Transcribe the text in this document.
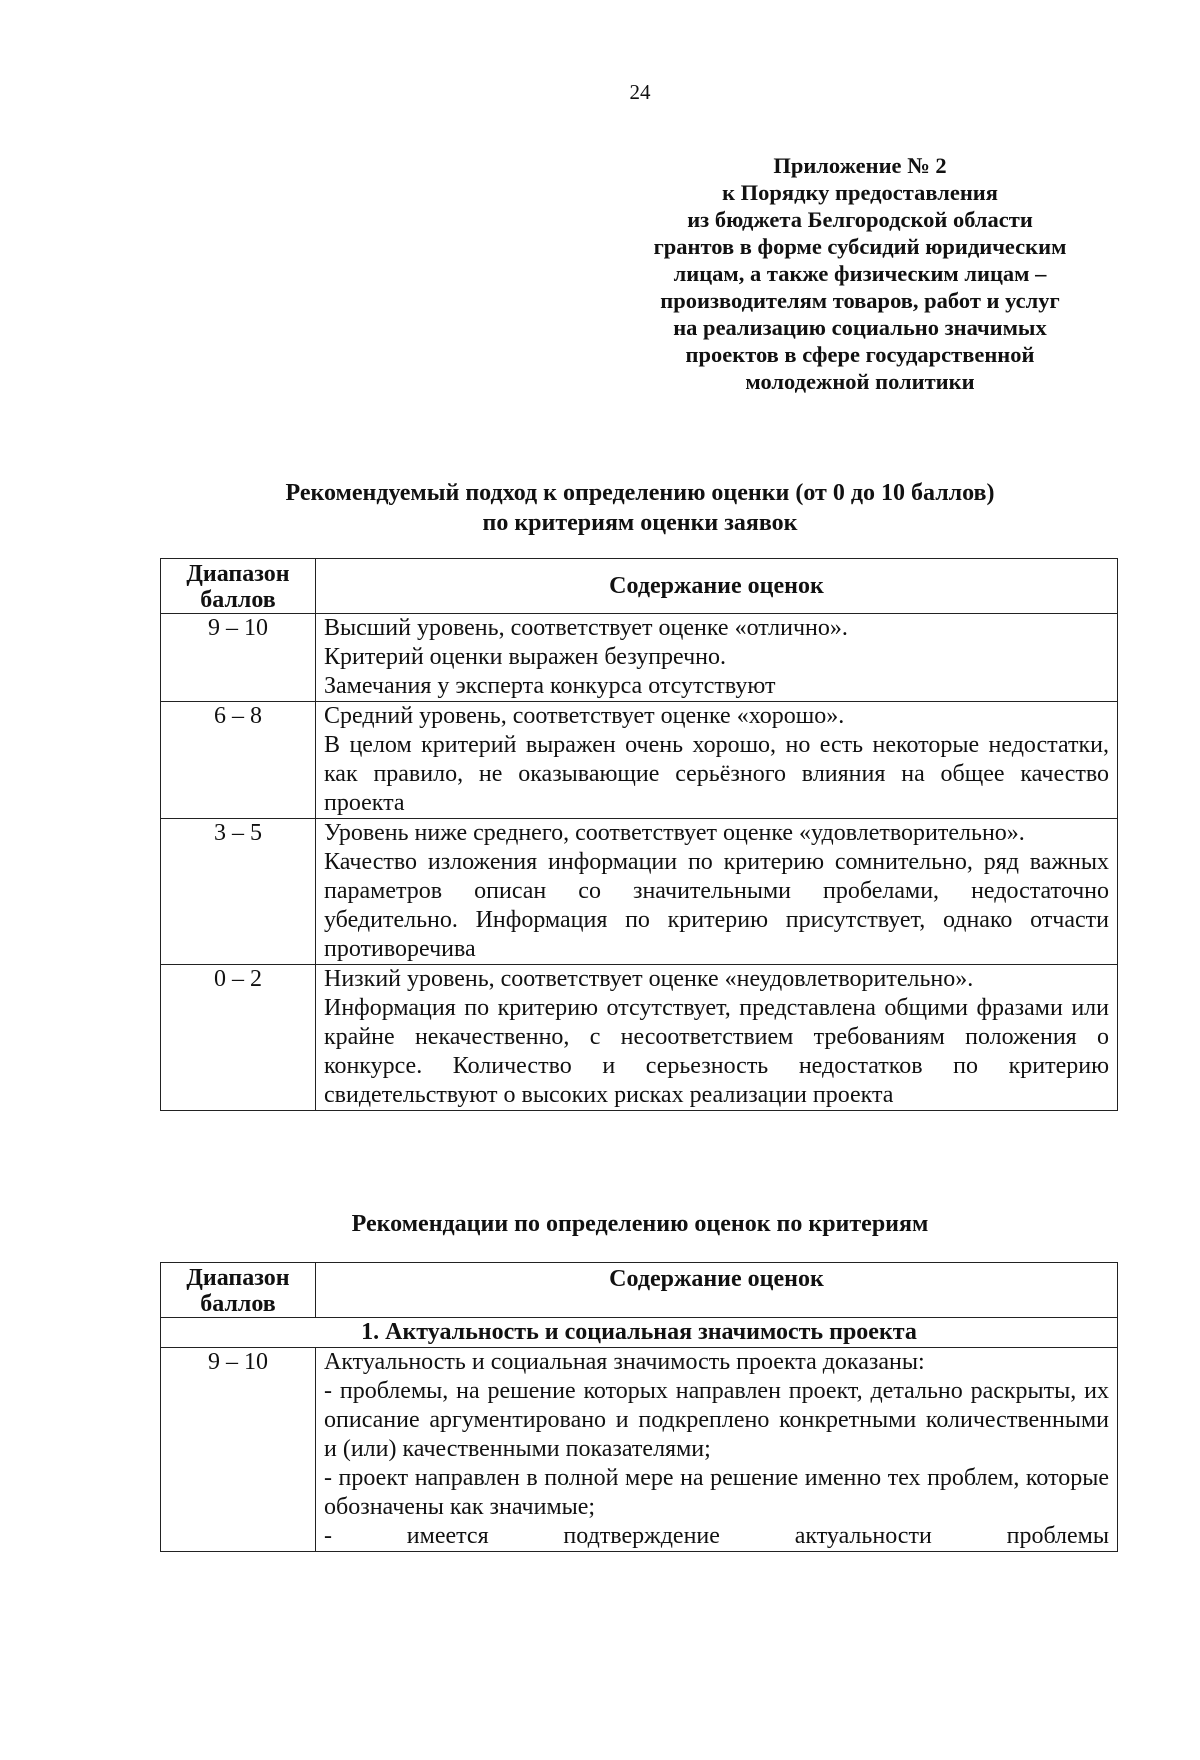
24
Приложение № 2
к Порядку предоставления
из бюджета Белгородской области
грантов в форме субсидий юридическим
лицам, а также физическим лицам –
производителям товаров, работ и услуг
на реализацию социально значимых
проектов в сфере государственной
молодежной политики
Рекомендуемый подход к определению оценки (от 0 до 10 баллов)
по критериям оценки заявок
Диапазон
баллов	Содержание оценок
9 – 10	Высший уровень, соответствует оценке «отлично».

Критерий оценки выражен безупречно.

Замечания у эксперта конкурса отсутствуют

6 – 8	Средний уровень, соответствует оценке «хорошо».

В целом критерий выражен очень хорошо, но есть некоторые недостатки, как правило, не оказывающие серьёзного влияния на общее качество проекта

3 – 5	Уровень ниже среднего, соответствует оценке «удовлетворительно».

Качество изложения информации по критерию сомнительно, ряд важных параметров описан со значительными пробелами, недостаточно убедительно. Информация по критерию присутствует, однако отчасти противоречива

0 – 2	Низкий уровень, соответствует оценке «неудовлетворительно».

Информация по критерию отсутствует, представлена общими фразами или крайне некачественно, с несоответствием требованиям положения о конкурсе. Количество и серьезность недостатков по критерию свидетельствуют о высоких рисках реализации проекта

Рекомендации по определению оценок по критериям
Диапазон
баллов	Содержание оценок
1. Актуальность и социальная значимость проекта	
9 – 10	Актуальность и социальная значимость проекта доказаны:

- проблемы, на решение которых направлен проект, детально раскрыты, их описание аргументировано и подкреплено конкретными количественными и (или) качественными показателями;

- проект направлен в полной мере на решение именно тех проблем, которые обозначены как значимые;

- имеется подтверждение актуальности проблемы
